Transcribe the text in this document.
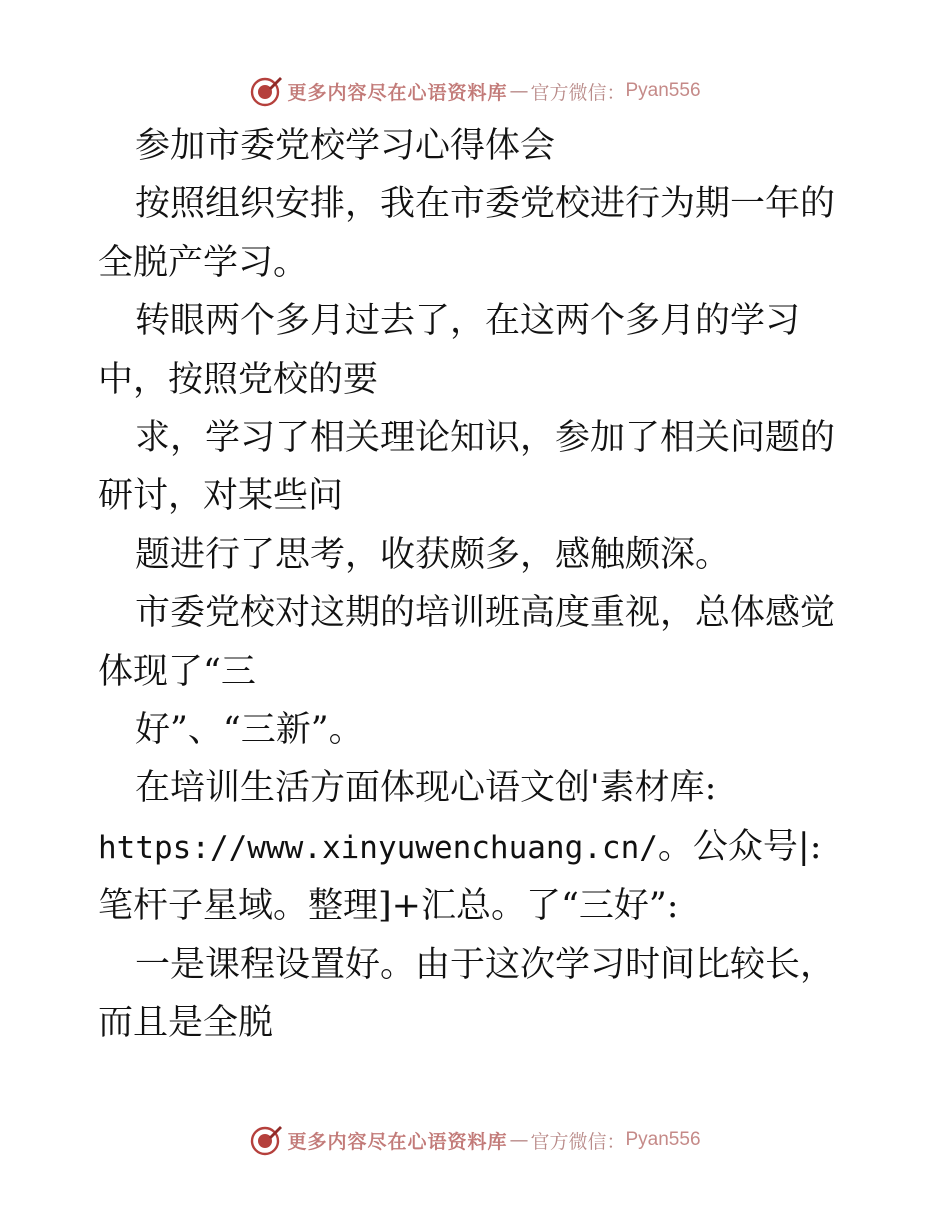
更多内容尽在心语资料库 — 官方微信： Pyan556

参加市委党校学习心得体会

按照组织安排，我在市委党校进行为期一年的全脱产学习。

转眼两个多月过去了，在这两个多月的学习中，按照党校的要

求，学习了相关理论知识，参加了相关问题的研讨，对某些问

题进行了思考，收获颇多，感触颇深。

市委党校对这期的培训班高度重视，总体感觉体现了“三

好”、“三新”。

在培训生活方面体现心语文创'素材库:
https://www.xinyuwenchuang.cn/。公众号|: 笔杆子星域。整理]+汇总。了“三好”:

一是课程设置好。由于这次学习时间比较长，而且是全脱

更多内容尽在心语资料库 — 官方微信： Pyan556
